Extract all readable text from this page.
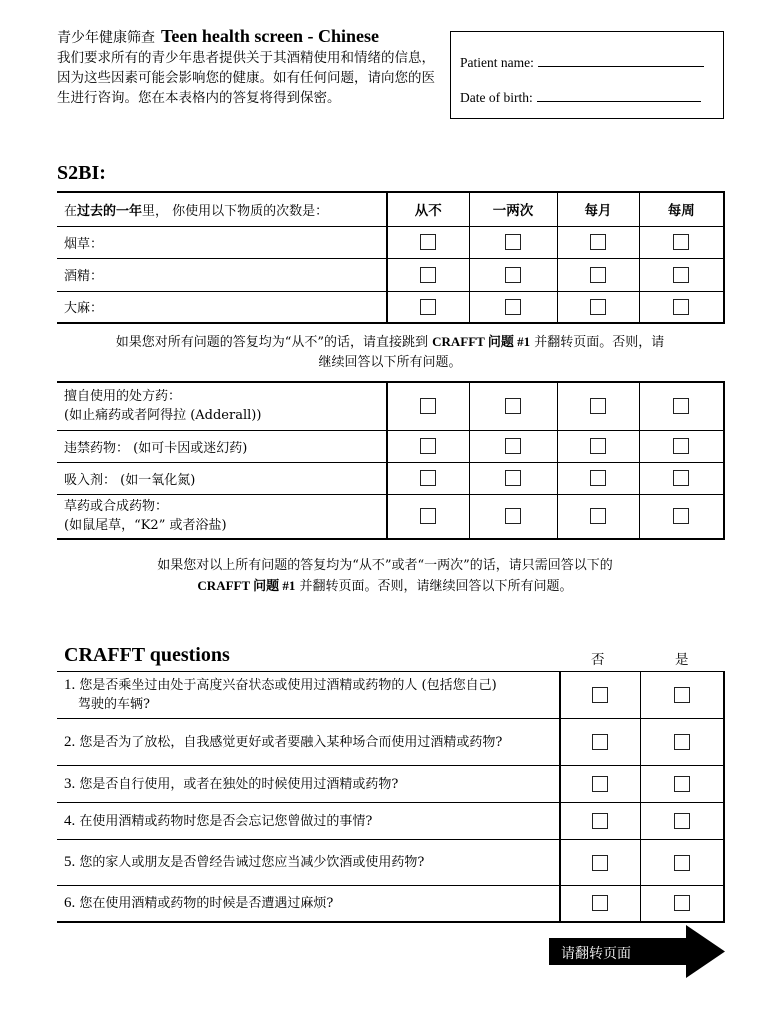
青少年健康筛查 Teen health screen - Chinese
我们要求所有的青少年患者提供关于其酒精使用和情绪的信息，因为这些因素可能会影响您的健康。如有任何问题，请向您的医生进行咨询。您在本表格内的答复将得到保密。
Patient name:
Date of birth:
S2BI:
在过去的一年里， 你使用以下物质的次数是：	从不	一两次	每月	每周
烟草：				
酒精：				
大麻：				
如果您对所有问题的答复均为“从不”的话，请直接跳到 CRAFFT 问题 #1 并翻转页面。否则，请继续回答以下所有问题。
擅自使用的处方药：
(如止痛药或者阿得拉 (Adderall))				

违禁药物： (如可卡因或迷幻药)				
吸入剂： (如一氧化氮)				

草药或合成药物：
(如鼠尾草，“K2” 或者浴盐)				

如果您对以上所有问题的答复均为“从不”或者“一两次”的话，请只需回答以下的
CRAFFT 问题 #1 并翻转页面。否则，请继续回答以下所有问题。
CRAFFT questions	否	是
1. 您是否乘坐过由处于高度兴奋状态或使用过酒精或药物的人 (包括您自己)
驾驶的车辆?		

2. 您是否为了放松，自我感觉更好或者要融入某种场合而使用过酒精或药物?		
3. 您是否自行使用，或者在独处的时候使用过酒精或药物?		
4. 在使用酒精或药物时您是否会忘记您曾做过的事情?		
5. 您的家人或朋友是否曾经告诫过您应当减少饮酒或使用药物?		
6. 您在使用酒精或药物的时候是否遭遇过麻烦?		
请翻转页面
